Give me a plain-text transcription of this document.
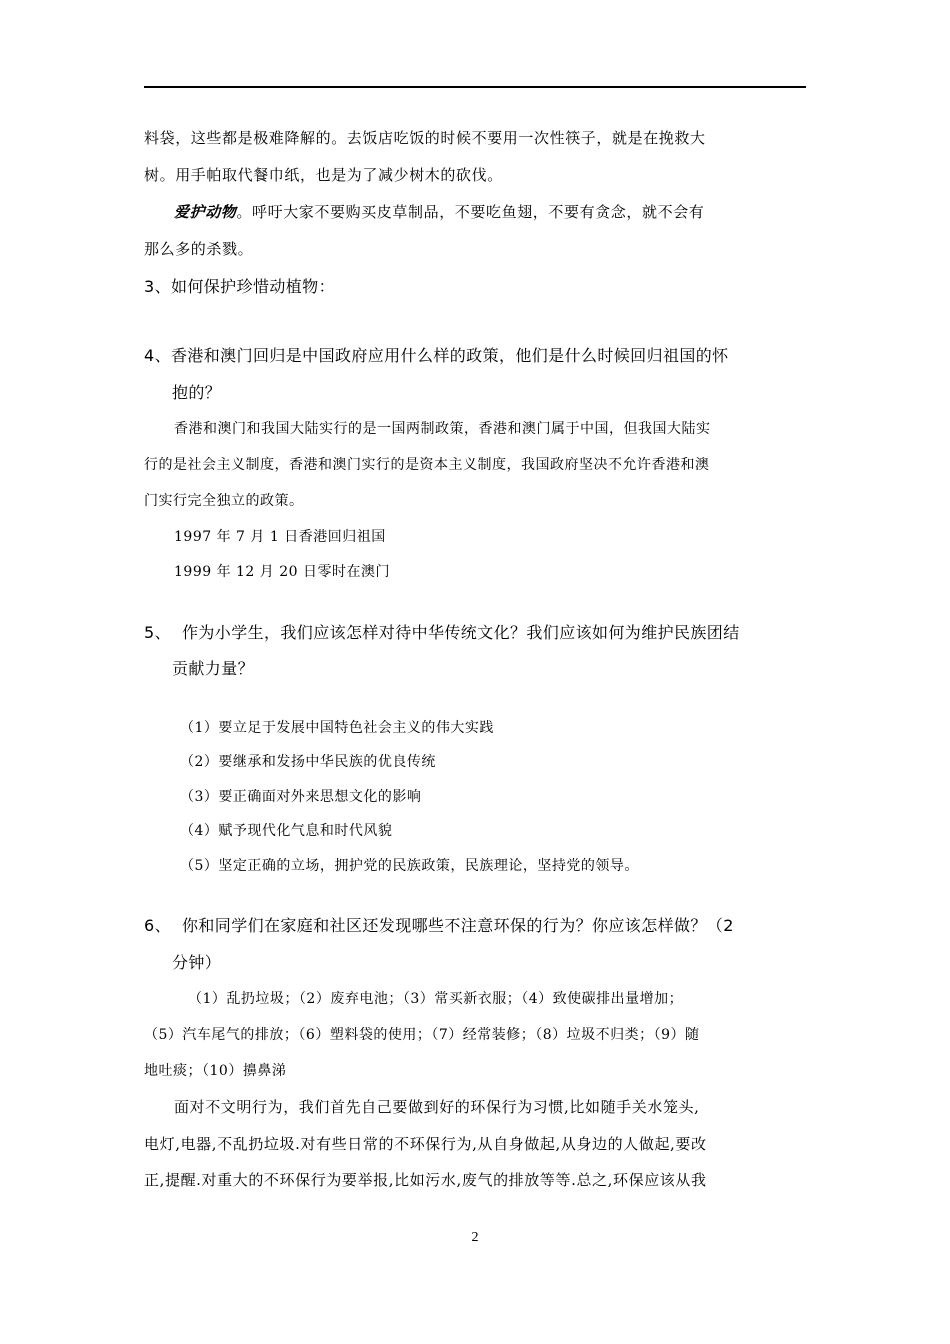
料袋，这些都是极难降解的。去饭店吃饭的时候不要用一次性筷子，就是在挽救大
树。用手帕取代餐巾纸，也是为了减少树木的砍伐。
爱护动物。呼吁大家不要购买皮草制品，不要吃鱼翅，不要有贪念，就不会有
那么多的杀戮。
3、如何保护珍惜动植物：
4、香港和澳门回归是中国政府应用什么样的政策，他们是什么时候回归祖国的怀
抱的？
香港和澳门和我国大陆实行的是一国两制政策，香港和澳门属于中国，但我国大陆实
行的是社会主义制度，香港和澳门实行的是资本主义制度，我国政府坚决不允许香港和澳
门实行完全独立的政策。
1997 年 7 月 1 日香港回归祖国
1999 年 12 月 20 日零时在澳门
5、 作为小学生，我们应该怎样对待中华传统文化？我们应该如何为维护民族团结
贡献力量？
（1）要立足于发展中国特色社会主义的伟大实践
（2）要继承和发扬中华民族的优良传统
（3）要正确面对外来思想文化的影响
（4）赋予现代化气息和时代风貌
（5）坚定正确的立场，拥护党的民族政策，民族理论，坚持党的领导。
6、 你和同学们在家庭和社区还发现哪些不注意环保的行为？你应该怎样做？（2
分钟）
（1）乱扔垃圾；（2）废弃电池；（3）常买新衣服；（4）致使碳排出量增加；
（5）汽车尾气的排放；（6）塑料袋的使用；（7）经常装修；（8）垃圾不归类；（9）随
地吐痰；（10）擤鼻涕
面对不文明行为，我们首先自己要做到好的环保行为习惯,比如随手关水笼头,
电灯,电器,不乱扔垃圾.对有些日常的不环保行为,从自身做起,从身边的人做起,要改
正,提醒.对重大的不环保行为要举报,比如污水,废气的排放等等.总之,环保应该从我
2
